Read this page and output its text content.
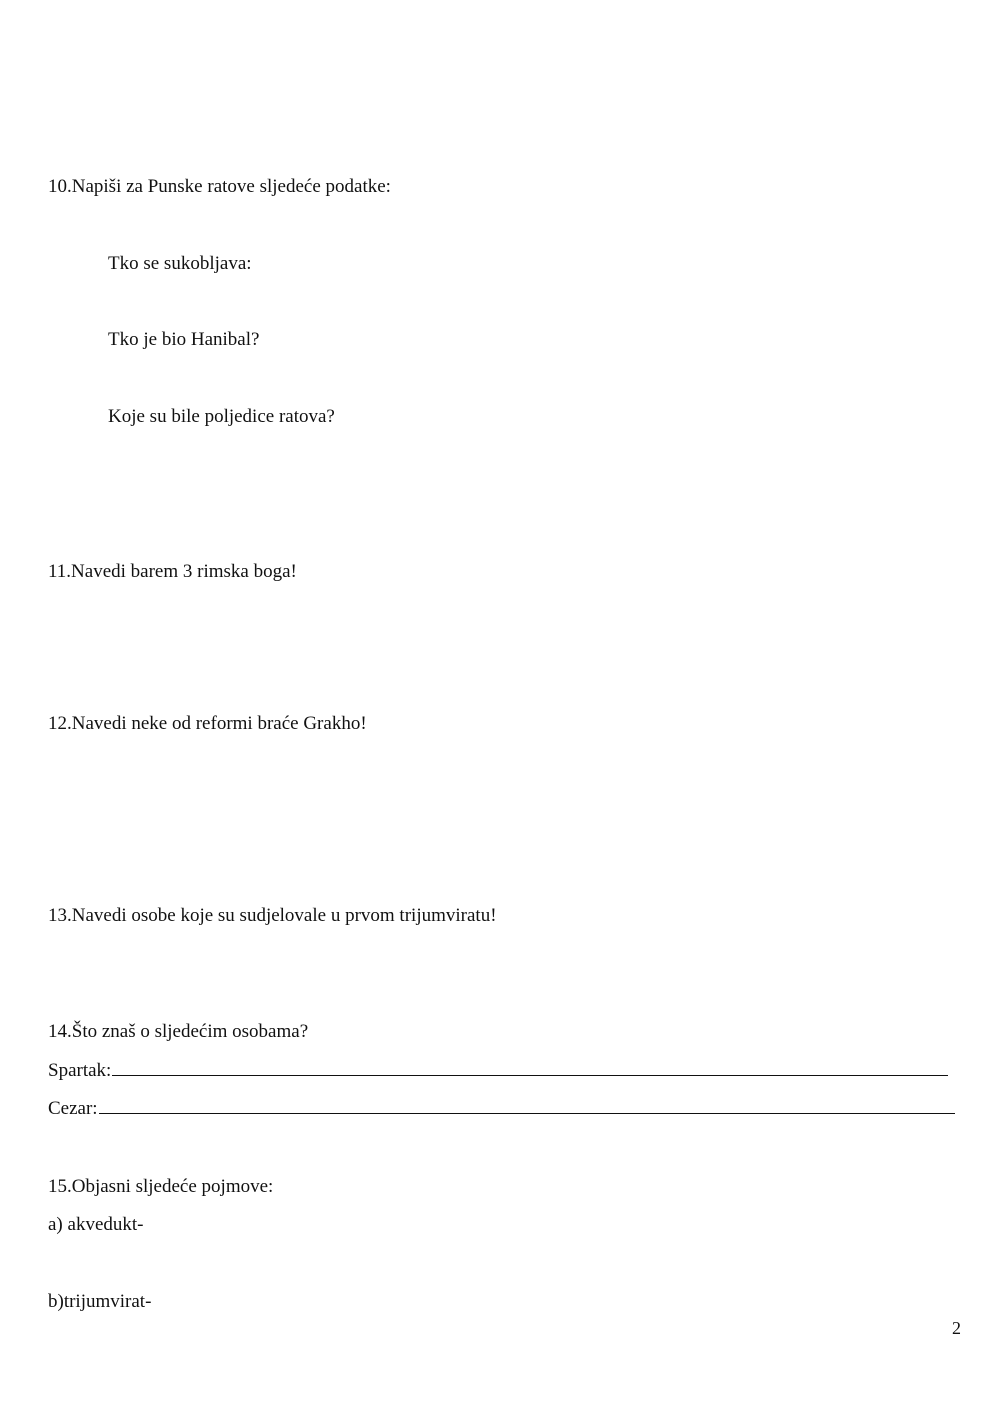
10.Napiši za Punske ratove sljedeće podatke:
Tko se sukobljava:
Tko je bio Hanibal?
Koje su bile poljedice ratova?
11.Navedi barem 3 rimska boga!
12.Navedi neke od reformi braće Grakho!
13.Navedi osobe koje su sudjelovale u prvom trijumviratu!
14.Što znaš o sljedećim osobama?
Spartak:
Cezar:
15.Objasni sljedeće pojmove:
a) akvedukt-
b)trijumvirat-
2
